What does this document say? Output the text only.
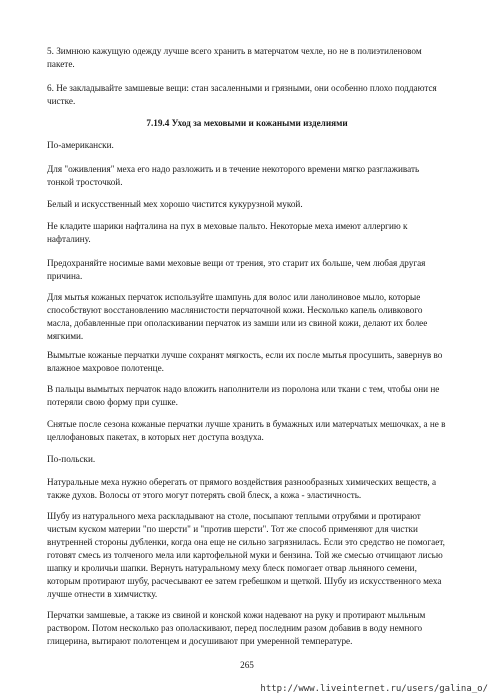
5. Зимнюю кажущую одежду лучше всего хранить в матерчатом чехле, но не в полиэтиленовом пакете.

6. Не закладывайте замшевые вещи: стан засаленными и грязными, они особенно плохо поддаются чистке.

7.19.4 Уход за меховыми и кожаными изделиями

По-американски.

Для "оживления" меха его надо разложить и в течение некоторого времени мягко разглаживать тонкой тросточкой.

Белый и искусственный мех хорошо чистится кукурузной мукой.

Не кладите шарики нафталина на пух в меховые пальто. Некоторые меха имеют аллергию к нафталину.

Предохраняйте носимые вами меховые вещи от трения, это старит их больше, чем любая другая причина.

Для мытья кожаных перчаток используйте шампунь для волос или ланолиновое мыло, которые способствуют восстановлению маслянистости перчаточной кожи. Несколько капель оливкового масла, добавленные при ополаскивании перчаток из замши или из свиной кожи, делают их более мягкими.

Вымытые кожаные перчатки лучше сохранят мягкость, если их после мытья просушить, завернув во влажное махровое полотенце.

В пальцы вымытых перчаток надо вложить наполнители из поролона или ткани с тем, чтобы они не потеряли свою форму при сушке.

Снятые после сезона кожаные перчатки лучше хранить в бумажных или матерчатых мешочках, а не в целлофановых пакетах, в которых нет доступа воздуха.

По-польски.

Натуральные меха нужно оберегать от прямого воздействия разнообразных химических веществ, а также духов. Волосы от этого могут потерять свой блеск, а кожа - эластичность.

Шубу из натурального меха раскладывают на столе, посыпают теплыми отрубями и протирают чистым куском материи "по шерсти" и "против шерсти". Тот же способ применяют для чистки внутренней стороны дубленки, когда она еще не сильно загрязнилась. Если это средство не помогает, готовят смесь из толченого мела или картофельной муки и бензина. Той же смесью отчищают лисью шапку и кроличьи шапки. Вернуть натуральному меху блеск помогает отвар льняного семени, которым протирают шубу, расчесывают ее затем гребешком и щеткой. Шубу из искусственного меха лучше отнести в химчистку.

Перчатки замшевые, а также из свиной и конской кожи надевают на руку и протирают мыльным раствором. Потом несколько раз ополаскивают, перед последним разом добавив в воду немного глицерина, вытирают полотенцем и досушивают при умеренной температуре.

265
http://www.liveinternet.ru/users/galina_o/
